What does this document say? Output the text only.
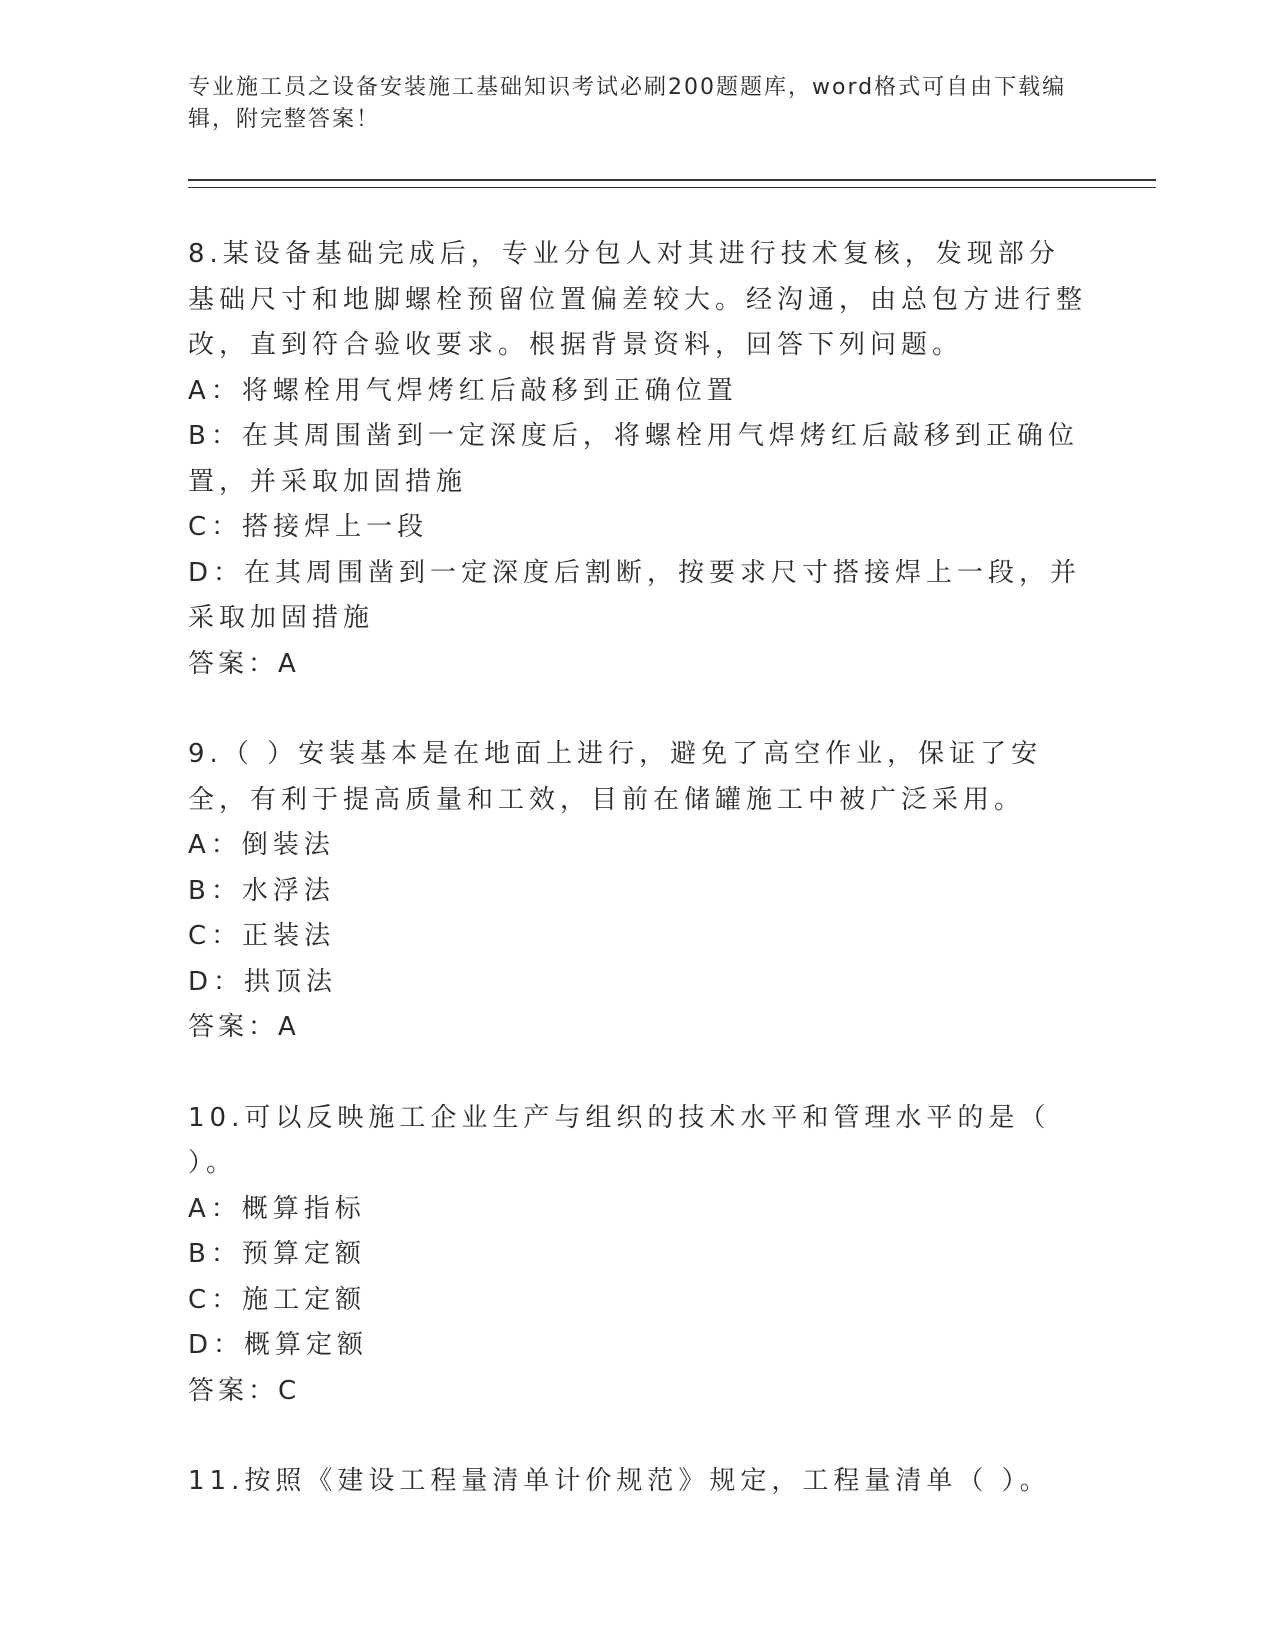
专业施工员之设备安装施工基础知识考试必刷200题题库，word格式可自由下载编辑，附完整答案！

8.某设备基础完成后，专业分包人对其进行技术复核，发现部分基础尺寸和地脚螺栓预留位置偏差较大。经沟通，由总包方进行整改，直到符合验收要求。根据背景资料，回答下列问题。

A：将螺栓用气焊烤红后敲移到正确位置

B：在其周围凿到一定深度后，将螺栓用气焊烤红后敲移到正确位置，并采取加固措施

C：搭接焊上一段

D：在其周围凿到一定深度后割断，按要求尺寸搭接焊上一段，并采取加固措施

答案：A

9.（ ）安装基本是在地面上进行，避免了高空作业，保证了安全，有利于提高质量和工效，目前在储罐施工中被广泛采用。

A：倒装法

B：水浮法

C：正装法

D：拱顶法

答案：A

10.可以反映施工企业生产与组织的技术水平和管理水平的是（ ）。

A：概算指标

B：预算定额

C：施工定额

D：概算定额

答案：C

11.按照《建设工程量清单计价规范》规定，工程量清单（ ）。
